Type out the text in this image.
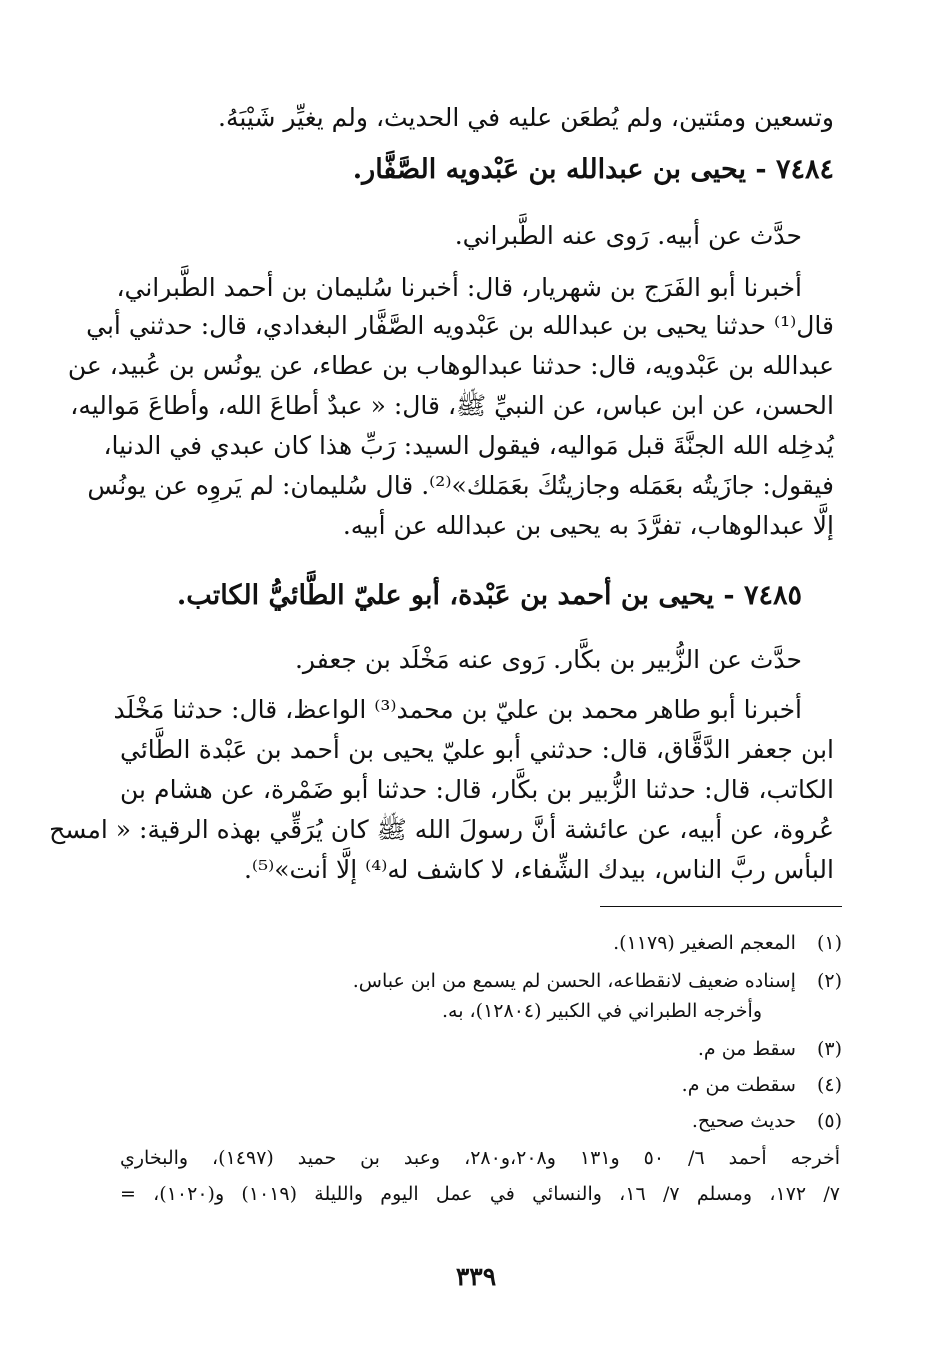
وتسعين ومئتين، ولم يُطعَن عليه في الحديث، ولم يغيِّر شَيْبَهُ.
٧٤٨٤ - يحيى بن عبدالله بن عَبْدويه الصَّفَّار.
حدَّث عن أبيه. رَوى عنه الطَّبراني.
أخبرنا أبو الفَرَج بن شهريار، قال: أخبرنا سُليمان بن أحمد الطَّبراني،
قال⁽¹⁾ حدثنا يحيى بن عبدالله بن عَبْدويه الصَّفَّار البغدادي، قال: حدثني أبي
عبدالله بن عَبْدويه، قال: حدثنا عبدالوهاب بن عطاء، عن يونُس بن عُبيد، عن
الحسن، عن ابن عباس، عن النبيِّ ﷺ، قال: « عبدٌ أطاعَ الله، وأطاعَ مَواليه،
يُدخِله الله الجنَّةَ قبل مَواليه، فيقول السيد: رَبِّ هذا كان عبدي في الدنيا،
فيقول: جازَيتُه بعَمَله وجازيتُكَ بعَمَلك»⁽²⁾. قال سُليمان: لم يَروِه عن يونُس
إلَّا عبدالوهاب، تفرَّدَ به يحيى بن عبدالله عن أبيه.
٧٤٨٥ - يحيى بن أحمد بن عَبْدة، أبو عليّ الطَّائيُّ الكاتب.
حدَّث عن الزُّبير بن بكَّار. رَوى عنه مَخْلَد بن جعفر.
أخبرنا أبو طاهر محمد بن عليّ بن محمد⁽³⁾ الواعظ، قال: حدثنا مَخْلَد
ابن جعفر الدَّقَّاق، قال: حدثني أبو عليّ يحيى بن أحمد بن عَبْدة الطَّائي
الكاتب، قال: حدثنا الزُّبير بن بكَّار، قال: حدثنا أبو ضَمْرة، عن هشام بن
عُروة، عن أبيه، عن عائشة أنَّ رسولَ الله ﷺ كان يُرَقِّي بهذه الرقية: « امسح
البأس ربَّ الناس، بيدك الشِّفاء، لا كاشف له⁽⁴⁾ إلَّا أنت»⁽⁵⁾.
(١) المعجم الصغير (١١٧٩).
(٢) إسناده ضعيف لانقطاعه، الحسن لم يسمع من ابن عباس.
وأخرجه الطبراني في الكبير (١٢٨٠٤)، به.
(٣) سقط من م.
(٤) سقطت من م.
(٥) حديث صحيح.
أخرجه أحمد ٦/ ٥٠ و١٣١ و٢٠٨،و٢٨٠، وعبد بن حميد (١٤٩٧)، والبخاري
٧/ ١٧٢، ومسلم ٧/ ١٦، والنسائي في عمل اليوم والليلة (١٠١٩) و(١٠٢٠)، =
٣٣٩
